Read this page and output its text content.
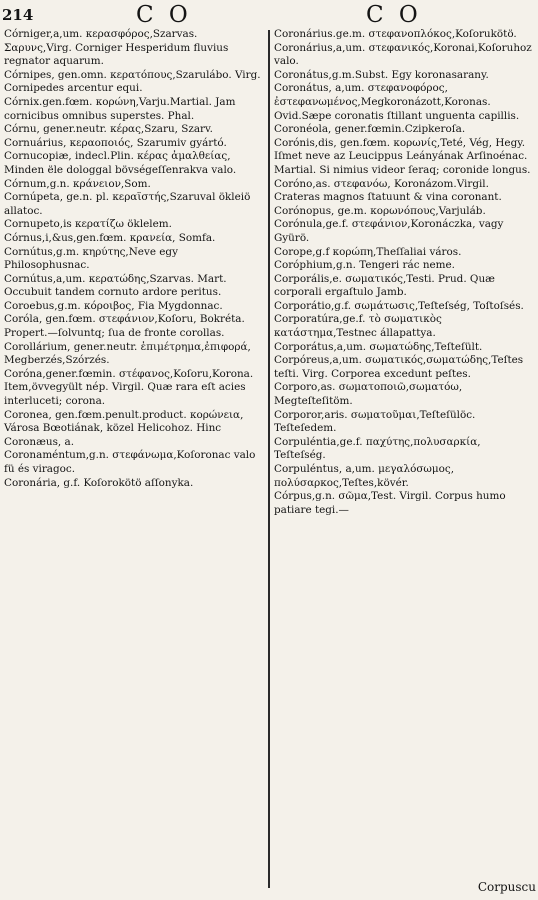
214	C O	C O
Córniger,a,um. κερασφόρος,Szarvas. Σαρυνς,Virg. Corniger Hesperidum fluvius regnator aquarum.
Córnipes, gen.omn. κερατόπους,Szarulábo. Virg. Cornipedes arcentur equi.
Córnix.gen.fœm. κορώνη,Varju.Martial. Jam cornicibus omnibus superstes. Phal.
Córnu, gener.neutr. κέρας,Szaru, Szarv.
Cornuárius, κεραοποιός, Szarumiv gyártó.
Cornucopiæ, indecl.Plin. κέρας ἀμαλθείας, Minden ële dologgal bövségeſſenrakva valo.
Córnum,g.n. κράνειον,Som.
Cornúpeta, ge.n. pl. κεραϊστής,Szaruval ökleiö allatoc.
Cornupeto,is κερατίζω öklelem.
Córnus,i,&us,gen.fœm. κρανεία, Somfa.
Cornútus,g.m. κηρύτης,Neve egy Philosophusnac.
Cornútus,a,um. κερατώδης,Szarvas. Mart. Occubuit tandem cornuto ardore peritus.
Coroebus,g.m. κόροιβος, Fia Mygdonnac.
Coróla, gen.fœm. στεφάνιον,Koſoru, Bokréta. Propert.—ſolvuntq; ſua de fronte corollas.
Corollárium, gener.neutr. ἐπιμέτρημα,ἐπιφορά, Megberzés,Szórzés.
Coróna,gener.fœmin. στέφανος,Koſoru,Korona. Item,övvegyült nép. Virgil. Quæ rara eſt acies interluceti; corona.
Coronea, gen.fœm.penult.product. κορώνεια, Városa Bœotiának, közel Helicohoz. Hinc Coronæus, a.
Coronaméntum,g.n. στεφάνωμα,Koſoronac valo fü és viragoc.
Coronária, g.f. Koſorokötö aſſonyka.
Coronárius.ge.m. στεφανοπλόκος,Koſorukötö.
Coronárius,a,um. στεφανικός,Koronai,Koſoruhoz valo.
Coronátus,g.m.Subst. Egy koronasarany.
Coronátus, a,um. στεφανοφόρος, ἐστεφανωμένος,Megkoronázott,Koronas. Ovid.Sæpe coronatis ſtillant unguenta capillis.
Coronéola, gener.fœmin.Czipkeroſa.
Corónis,dis, gen.fœm. κορωνίς,Teté, Vég, Hegy. Iſmet neve az Leucippus Leányának Arſinoénac. Martial. Si nimius videor ſeraq; coronide longus.
Coróno,as. στεφανόω, Koronázom.Virgil. Crateras magnos ſtatuunt & vina coronant.
Corónopus, ge.m. κορωνόπους,Varjuláb.
Corónula,ge.f. στεφάνιον,Koronáczka, vagy Gyürö.
Corope,g.f κορώπη,Theſſaliai város.
Coróphium,g.n. Tengeri rác neme.
Corporális,e. σωματικός,Testi. Prud. Quæ corporali ergaſtulo Jamb.
Corporátio,g.f. σωμάτωσις,Teſteſség, Toſtoſsés.
Corporatúra,ge.f. τὸ σωματικὸς κατάστημα,Testnec állapattya.
Corporátus,a,um. σωματώδης,Teſteſült.
Corpóreus,a,um. σωματικός,σωματώδης,Teſtes teſti. Virg. Corporea excedunt peſtes.
Corporo,as. σωματοποιῶ,σωματόω, Megteſteſitöm.
Corporor,aris. σωματοῦμαι,Teſteſülöc. Teſteſedem.
Corpuléntia,ge.f. παχύτης,πολυσαρκία, Teſteſség.
Corpuléntus, a,um. μεγαλόσωμος, πολύσαρκος,Teſtes,kövér.
Córpus,g.n. σῶμα,Test. Virgil. Corpus humo patiare tegi.—
Corpuscu
